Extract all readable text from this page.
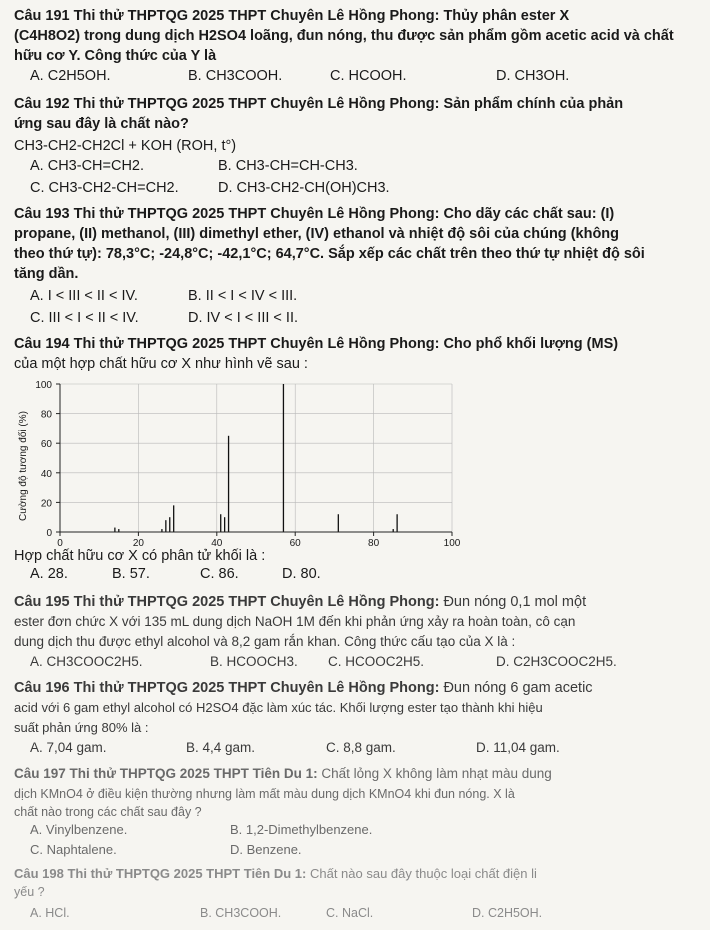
Câu 191 Thi thử THPTQG 2025 THPT Chuyên Lê Hồng Phong: Thủy phân ester X
(C4H8O2) trong dung dịch H2SO4 loãng, đun nóng, thu được sản phẩm gồm acetic acid và chất
hữu cơ Y. Công thức của Y là
A. C2H5OH.	B. CH3COOH.	C. HCOOH.	D. CH3OH.
Câu 192 Thi thử THPTQG 2025 THPT Chuyên Lê Hồng Phong: Sản phẩm chính của phản
ứng sau đây là chất nào?
CH3-CH2-CH2Cl + KOH (ROH, t°)
A. CH3-CH=CH2.	B. CH3-CH=CH-CH3.
C. CH3-CH2-CH=CH2.	D. CH3-CH2-CH(OH)CH3.
Câu 193 Thi thử THPTQG 2025 THPT Chuyên Lê Hồng Phong: Cho dãy các chất sau: (I)
propane, (II) methanol, (III) dimethyl ether, (IV) ethanol và nhiệt độ sôi của chúng (không
theo thứ tự): 78,3°C; -24,8°C; -42,1°C; 64,7°C. Sắp xếp các chất trên theo thứ tự nhiệt độ sôi
tăng dần.
A. I < III < II < IV.	B. II < I < IV < III.
C. III < I < II < IV.	D. IV < I < III < II.
Câu 194 Thi thử THPTQG 2025 THPT Chuyên Lê Hồng Phong: Cho phổ khối lượng (MS)
của một hợp chất hữu cơ X như hình vẽ sau :
0
20
40
60
80
100
0	20	40	60	80	100
Cường độ tương đối (%)
Hợp chất hữu cơ X có phân tử khối là :
A. 28.	B. 57.	C. 86.	D. 80.
Câu 195 Thi thử THPTQG 2025 THPT Chuyên Lê Hồng Phong: Đun nóng 0,1 mol một
ester đơn chức X với 135 mL dung dịch NaOH 1M đến khi phản ứng xảy ra hoàn toàn, cô cạn
dung dịch thu được ethyl alcohol và 8,2 gam rắn khan. Công thức cấu tạo của X là :
A. CH3COOC2H5.	B. HCOOCH3. C. HCOOC2H5.	D. C2H3COOC2H5.
Câu 196 Thi thử THPTQG 2025 THPT Chuyên Lê Hồng Phong: Đun nóng 6 gam acetic
acid với 6 gam ethyl alcohol có H2SO4 đặc làm xúc tác. Khối lượng ester tạo thành khi hiệu
suất phản ứng 80% là :
A. 7,04 gam.	B. 4,4 gam.	C. 8,8 gam.	D. 11,04 gam.
Câu 197 Thi thử THPTQG 2025 THPT Tiên Du 1: Chất lỏng X không làm nhạt màu dung
dịch KMnO4 ở điều kiện thường nhưng làm mất màu dung dịch KMnO4 khi đun nóng. X là
chất nào trong các chất sau đây ?
A. Vinylbenzene.	B. 1,2-Dimethylbenzene.
C. Naphtalene.	D. Benzene.
Câu 198 Thi thử THPTQG 2025 THPT Tiên Du 1: Chất nào sau đây thuộc loại chất điện li
yếu ?
A. HCl.	B. CH3COOH.	C. NaCl.	D. C2H5OH.
